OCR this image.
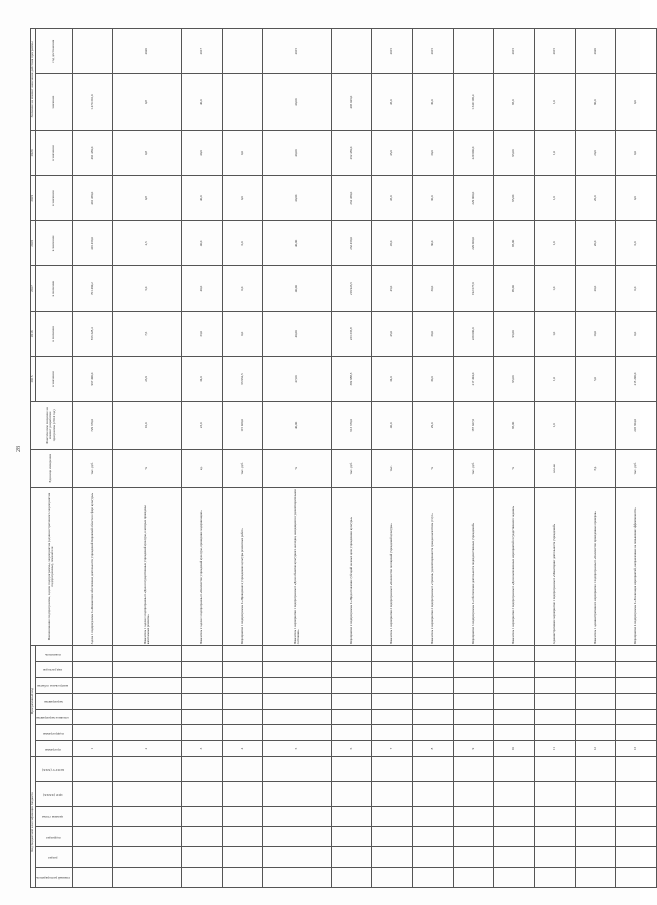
28
Код бюджетной классификации бюджета						Программный код							Наименование подпрограммы, задачи подпрограммы, мероприятия (административного мероприятия подпрограммы), показателя	Единица измерения	Фактическое значение на момент разработки программы (2014 год)	2015	2016	2017	2018	2019	2020	Значение на момент окончания действия программы	
главный распорядитель	раздел	подраздел	целевая статья	ЦСР (ХХХХ)	КОСГУ (ХХХ)	программа	подпрограмма	основное мероприятие	мероприятие	контрольное событие	вид расходов	показатель				в значении	в значении	в значении	в значении	в значении	в значении	значение	год достижения

						1							Задача 1 подпрограммы 6 «Финансовое обеспечение деятельности учреждений Кировской области в сфере культуры»	тыс. руб.	729 370,0	967 490,0	816 328,4	701 499,2	491 459,0	491 459,0	491 459,0	1 470 301,0	
						2							Показатель 1 задачи 1 подпрограммы 6 «Доля государственных учреждений культуры, в которых проведены капитальные ремонты»	%	10,0	23,9	7,6	5,0	2,5	0,8	0,8	0,8	2020
						3							Показатель 2 задачи 1 подпрограммы 6 «Количество учреждений культуры, прошедших модернизацию»	ед.	23,0	34,0	33,0	40,0	40,0	40,0	40,0	40,0	2017
						4							Мероприятие 1 подпрограммы 6 «Проведение в учреждениях культуры ремонтных работ»	тыс. руб.	115 920,0	66 962,5	0,0	0,0	0,0	0,0	0,0		
						5							Показатель 1 мероприятия 1 подпрограммы 6 «Доля объектов культурного наследия, находящихся в удовлетворительном состоянии»	%	40,00	47,00	40,00	40,00	40,00	40,00	40,00	40,00	2015
						6							Мероприятие 2 подпрограммы 6 «Предоставление субсидий на иные цели учреждениям культуры»	тыс. руб.	613 370,0	382 988,5	233 335,8	219 923,5	262 459,0	262 459,0	262 459,0	405 026,0	
						7							Показатель 1 мероприятия 2 подпрограммы 6 «Количество посещений учреждений культуры»	тыс.	40,0	34,0	45,0	45,0	45,0	45,0	45,0	45,0	2015
						8							Показатель 2 мероприятия 2 подпрограммы 6 «Уровень удовлетворенности граждан качеством услуг»	%	29,0	30,0	30,0	30,0	30,0	30,0	30,0	30,0	2015
						9							Мероприятие 3 подпрограммы 6 «Обеспечение деятельности подведомственных учреждений»	тыс. руб.	187 027,0	217 494,0	229 000,0	192 077,0	229 000,0	229 000,0	229 000,0	1 349 196,4	
						10							Показатель 1 мероприятия 3 подпрограммы 6 «Доля выполненных мероприятий государственного задания»	%	95,00	95,00	95,00	95,00	95,00	95,00	95,00	95,0	2015
						11							Административное мероприятие 1 подпрограммы 6 «Мониторинг деятельности учреждений»	кол-во	1,0	1,0	1,0	1,0	1,0	1,0	1,0	1,0	2015
						12							Показатель 1 административного мероприятия 1 подпрограммы 6 «Количество проведенных проверок»	Ед.		5,0	10,0	20,0	20,0	20,0	20,0	90,0	2020
						13							Мероприятие 4 подпрограммы 6 «Реализация мероприятий, направленных на повышение эффективности»	тыс. руб.	245 364,0	215 290,0	0,0	0,0	0,0	0,0	0,0	0,0	
